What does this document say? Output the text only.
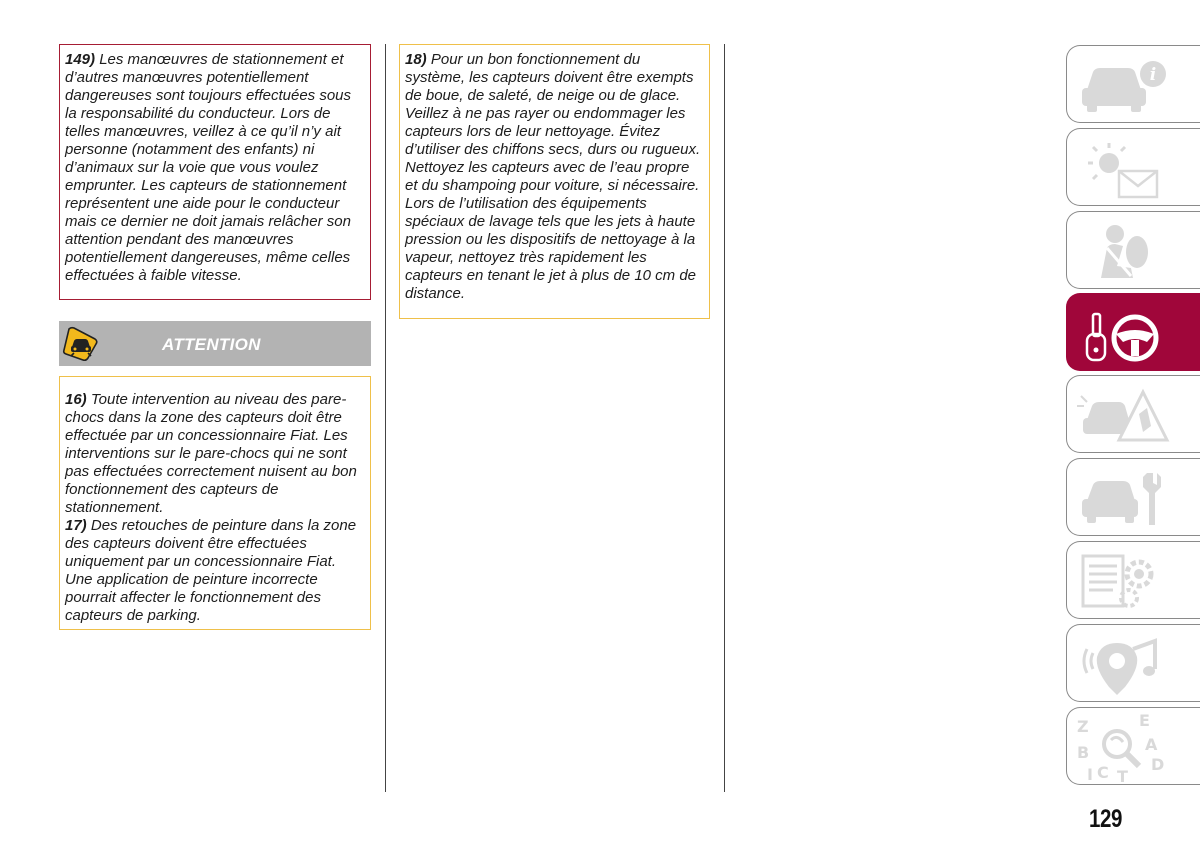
149) Les manœuvres de stationnement et d’autres manœuvres potentiellement dangereuses sont toujours effectuées sous la responsabilité du conducteur. Lors de telles manœuvres, veillez à ce qu’il n’y ait personne (notamment des enfants) ni d’animaux sur la voie que vous voulez emprunter. Les capteurs de stationnement représentent une aide pour le conducteur mais ce dernier ne doit jamais relâcher son attention pendant des manœuvres potentiellement dangereuses, même celles effectuées à faible vitesse.

ATTENTION

16) Toute intervention au niveau des pare-chocs dans la zone des capteurs doit être effectuée par un concessionnaire Fiat. Les interventions sur le pare-chocs qui ne sont pas effectuées correctement nuisent au bon fonctionnement des capteurs de stationnement.

17) Des retouches de peinture dans la zone des capteurs doivent être effectuées uniquement par un concessionnaire Fiat. Une application de peinture incorrecte pourrait affecter le fonctionnement des capteurs de parking.

18) Pour un bon fonctionnement du système, les capteurs doivent être exempts de boue, de saleté, de neige ou de glace. Veillez à ne pas rayer ou endommager les capteurs lors de leur nettoyage. Évitez d’utiliser des chiffons secs, durs ou rugueux. Nettoyez les capteurs avec de l’eau propre et du shampoing pour voiture, si nécessaire. Lors de l’utilisation des équipements spéciaux de lavage tels que les jets à haute pression ou les dispositifs de nettoyage à la vapeur, nettoyez très rapidement les capteurs en tenant le jet à plus de 10 cm de distance.

i
Z	E
A
B
D
I C T
129
